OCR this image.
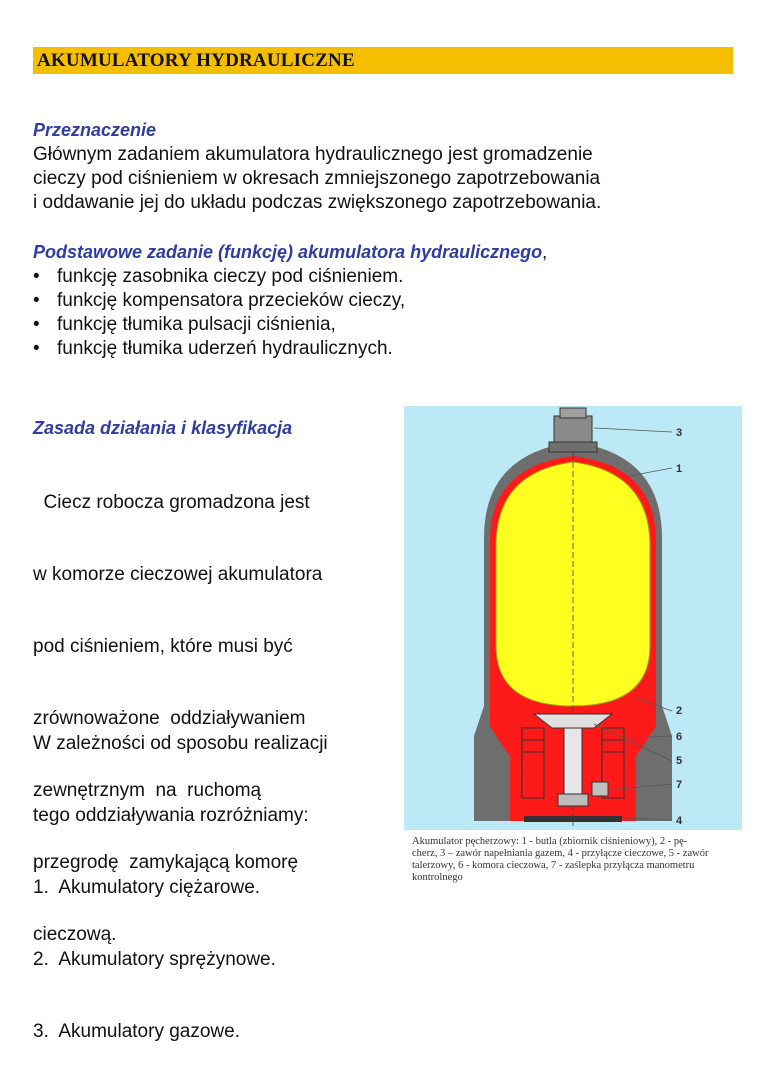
AKUMULATORY HYDRAULICZNE
Przeznaczenie
Głównym zadaniem akumulatora hydraulicznego jest gromadzenie
cieczy pod ciśnieniem w okresach zmniejszonego zapotrzebowania
i oddawanie jej do układu podczas zwiększonego zapotrzebowania.
Podstawowe zadanie (funkcję) akumulatora hydraulicznego,
• funkcję zasobnika cieczy pod ciśnieniem.
• funkcję kompensatora przecieków cieczy,
• funkcję tłumika pulsacji ciśnienia,
• funkcję tłumika uderzeń hydraulicznych.
Zasada działania i klasyfikacja

Ciecz robocza gromadzona jest

w komorze cieczowej akumulatora

pod ciśnieniem, które musi być

zrównoważone  oddziaływaniem

zewnętrznym  na  ruchomą

przegrodę  zamykającą komorę

cieczową.

W zależności od sposobu realizacji

tego oddziaływania rozróżniamy:

1.  Akumulatory ciężarowe.

2.  Akumulatory sprężynowe.

3.  Akumulatory gazowe.

3
1
2
6
5
7
4
Akumulator pęcherzowy: 1 - butla (zbiornik ciśnieniowy), 2 - pę-
cherz, 3 – zawór napełniania gazem, 4 - przyłącze cieczowe, 5 - zawór
talerzowy, 6 - komora cieczowa, 7 - zaślepka przyłącza manometru
kontrolnego
